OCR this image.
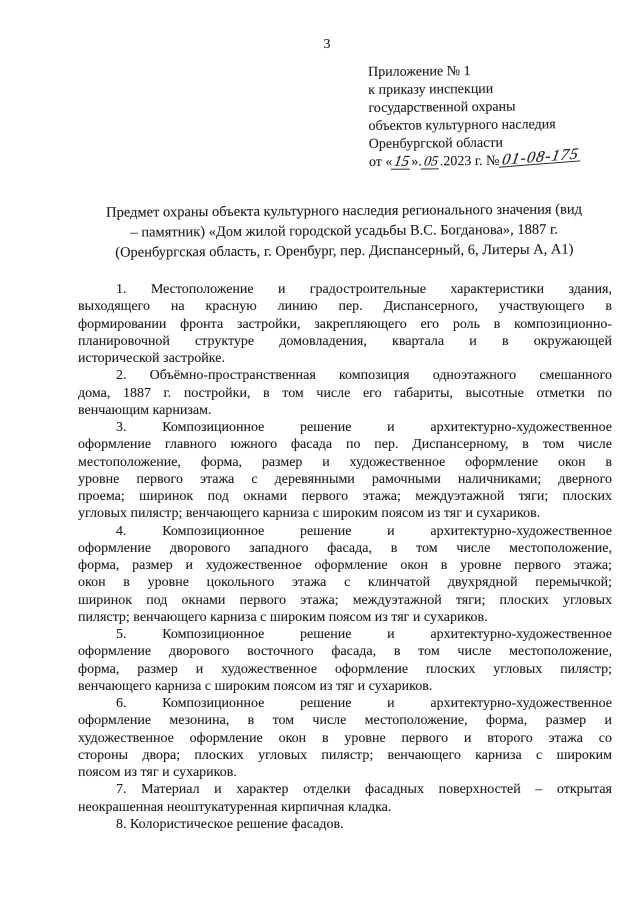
3
Приложение № 1
к приказу инспекции
государственной охраны
объектов культурного наследия
Оренбургской области
от «15».05.2023 г. № 01-08-175
Предмет охраны объекта культурного наследия регионального значения (вид
– памятник) «Дом жилой городской усадьбы В.С. Богданова», 1887 г.
(Оренбургская область, г. Оренбург, пер. Диспансерный, 6, Литеры А, А1)
1. Местоположение и градостроительные характеристики здания,
выходящего на красную линию пер. Диспансерного, участвующего в
формировании фронта застройки, закрепляющего его роль в композиционно-
планировочной структуре домовладения, квартала и в окружающей
исторической застройке.
2. Объёмно-пространственная композиция одноэтажного смешанного
дома, 1887 г. постройки, в том числе его габариты, высотные отметки по
венчающим карнизам.
3. Композиционное решение и архитектурно-художественное
оформление главного южного фасада по пер. Диспансерному, в том числе
местоположение, форма, размер и художественное оформление окон в
уровне первого этажа с деревянными рамочными наличниками; дверного
проема; ширинок под окнами первого этажа; междуэтажной тяги; плоских
угловых пилястр; венчающего карниза с широким поясом из тяг и сухариков.
4. Композиционное решение и архитектурно-художественное
оформление дворового западного фасада, в том числе местоположение,
форма, размер и художественное оформление окон в уровне первого этажа;
окон в уровне цокольного этажа с клинчатой двухрядной перемычкой;
ширинок под окнами первого этажа; междуэтажной тяги; плоских угловых
пилястр; венчающего карниза с широким поясом из тяг и сухариков.
5. Композиционное решение и архитектурно-художественное
оформление дворового восточного фасада, в том числе местоположение,
форма, размер и художественное оформление плоских угловых пилястр;
венчающего карниза с широким поясом из тяг и сухариков.
6. Композиционное решение и архитектурно-художественное
оформление мезонина, в том числе местоположение, форма, размер и
художественное оформление окон в уровне первого и второго этажа со
стороны двора; плоских угловых пилястр; венчающего карниза с широким
поясом из тяг и сухариков.
7. Материал и характер отделки фасадных поверхностей – открытая
неокрашенная неоштукатуренная кирпичная кладка.
8. Колористическое решение фасадов.
